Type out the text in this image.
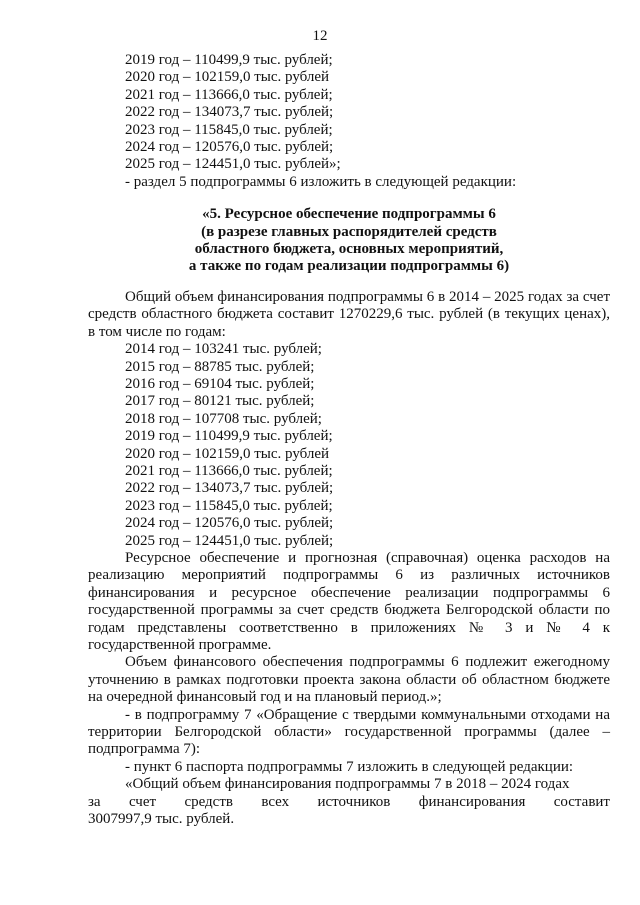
12
2019 год – 110499,9 тыс. рублей;
2020 год – 102159,0 тыс. рублей
2021 год – 113666,0 тыс. рублей;
2022 год – 134073,7 тыс. рублей;
2023 год – 115845,0 тыс. рублей;
2024 год – 120576,0 тыс. рублей;
2025 год – 124451,0 тыс. рублей»;
- раздел 5 подпрограммы 6 изложить в следующей редакции:
«5. Ресурсное обеспечение подпрограммы 6
(в разрезе главных распорядителей средств
областного бюджета, основных мероприятий,
а также по годам реализации подпрограммы 6)
Общий объем финансирования подпрограммы 6 в 2014 – 2025 годах за счет средств областного бюджета составит 1270229,6 тыс. рублей (в текущих ценах), в том числе по годам:
2014 год – 103241 тыс. рублей;
2015 год – 88785 тыс. рублей;
2016 год – 69104 тыс. рублей;
2017 год – 80121 тыс. рублей;
2018 год – 107708 тыс. рублей;
2019 год – 110499,9 тыс. рублей;
2020 год – 102159,0 тыс. рублей
2021 год – 113666,0 тыс. рублей;
2022 год – 134073,7 тыс. рублей;
2023 год – 115845,0 тыс. рублей;
2024 год – 120576,0 тыс. рублей;
2025 год – 124451,0 тыс. рублей;
Ресурсное обеспечение и прогнозная (справочная) оценка расходов на реализацию мероприятий подпрограммы 6 из различных источников финансирования и ресурсное обеспечение реализации подпрограммы 6 государственной программы за счет средств бюджета Белгородской области по годам представлены соответственно в приложениях № 3 и № 4 к государственной программе.
Объем финансового обеспечения подпрограммы 6 подлежит ежегодному уточнению в рамках подготовки проекта закона области об областном бюджете на очередной финансовый год и на плановый период.»;
- в подпрограмму 7 «Обращение с твердыми коммунальными отходами на территории Белгородской области» государственной программы (далее – подпрограмма 7):
- пункт 6 паспорта подпрограммы 7 изложить в следующей редакции:
«Общий объем финансирования подпрограммы 7 в 2018 – 2024 годах
за счет средств всех источников финансирования составит
3007997,9 тыс. рублей.
